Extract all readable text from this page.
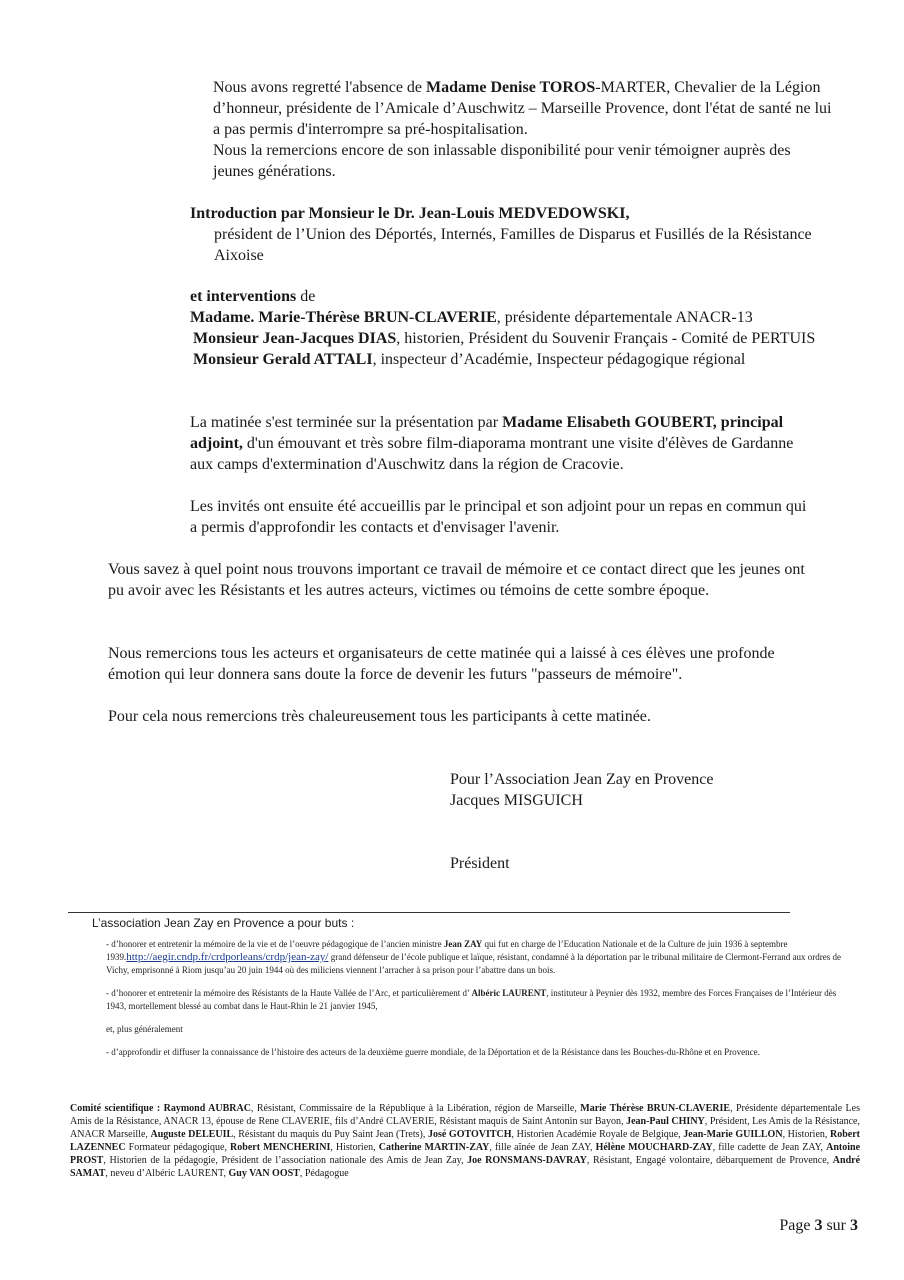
Nous avons regretté l'absence de Madame Denise TOROS-MARTER, Chevalier de la Légion d’honneur, présidente de l’Amicale d’Auschwitz – Marseille Provence, dont l'état de santé ne lui a pas permis d'interrompre sa pré-hospitalisation.
Nous la remercions encore de son inlassable disponibilité pour venir témoigner auprès des jeunes générations.
Introduction par Monsieur le Dr. Jean-Louis MEDVEDOWSKI,
président de l’Union des Déportés, Internés, Familles de Disparus et Fusillés de la Résistance Aixoise
et interventions de
Madame. Marie-Thérèse BRUN-CLAVERIE, présidente départementale ANACR-13
Monsieur Jean-Jacques DIAS, historien, Président du Souvenir Français - Comité de PERTUIS
Monsieur Gerald ATTALI, inspecteur d’Académie, Inspecteur pédagogique régional
La matinée s'est terminée sur la présentation par Madame Elisabeth GOUBERT, principal adjoint, d'un émouvant et très sobre film-diaporama montrant une visite d'élèves de Gardanne aux camps d'extermination d'Auschwitz dans la région de Cracovie.
Les invités ont ensuite été accueillis par le principal et son adjoint pour un repas en commun qui a permis d'approfondir les contacts et d'envisager l'avenir.
Vous savez à quel point nous trouvons important ce travail de mémoire et ce contact direct que les jeunes ont pu avoir avec les Résistants et les autres acteurs, victimes ou témoins de cette sombre époque.
Nous remercions tous les acteurs et organisateurs de cette matinée qui a laissé à ces élèves une profonde émotion qui leur donnera sans doute la force de devenir les futurs "passeurs de mémoire".
Pour cela nous remercions très chaleureusement tous les participants à cette matinée.
Pour l’Association Jean Zay en Provence
Jacques MISGUICH
Président
L’association Jean Zay en Provence a pour buts :
- d’honorer et entretenir la mémoire de la vie et de l’oeuvre pédagogique de l’ancien ministre Jean ZAY qui fut en charge de l’Education Nationale et de la Culture de juin 1936 à septembre 1939.http://aegir.cndp.fr/crdporleans/crdp/jean-zay/ grand défenseur de l’école publique et laïque, résistant, condamné à la déportation par le tribunal militaire de Clermont-Ferrand aux ordres de Vichy, emprisonné à Riom jusqu’au 20 juin 1944 où des miliciens viennent l’arracher à sa prison pour l’abattre dans un bois.
- d’honorer et entretenir la mémoire des Résistants de la Haute Vallée de l’Arc, et particulièrement d’ Albéric LAURENT, instituteur à Peynier dès 1932, membre des Forces Françaises de l’Intérieur dès 1943, mortellement blessé au combat dans le Haut-Rhin le 21 janvier 1945,
et, plus généralement
- d’approfondir et diffuser la connaissance de l’histoire des acteurs de la deuxième guerre mondiale, de la Déportation et de la Résistance dans les Bouches-du-Rhône et en Provence.
Comité scientifique : Raymond AUBRAC, Résistant, Commissaire de la République à la Libération, région de Marseille, Marie Thérèse BRUN-CLAVERIE, Présidente départementale Les Amis de la Résistance, ANACR 13, épouse de Rene CLAVERIE, fils d’André CLAVERIE, Résistant maquis de Saint Antonin sur Bayon, Jean-Paul CHINY, Président, Les Amis de la Résistance, ANACR Marseille, Auguste DELEUIL, Résistant du maquis du Puy Saint Jean (Trets), José GOTOVITCH, Historien Académie Royale de Belgique, Jean-Marie GUILLON, Historien, Robert LAZENNEC Formateur pédagogique, Robert MENCHERINI, Historien, Catherine MARTIN-ZAY, fille aînée de Jean ZAY, Hélène MOUCHARD-ZAY, fille cadette de Jean ZAY, Antoine PROST, Historien de la pédagogie, Président de l’association nationale des Amis de Jean Zay, Joe RONSMANS-DAVRAY, Résistant, Engagé volontaire, débarquement de Provence, André SAMAT, neveu d’Albéric LAURENT, Guy VAN OOST, Pédagogue
Page 3 sur 3
